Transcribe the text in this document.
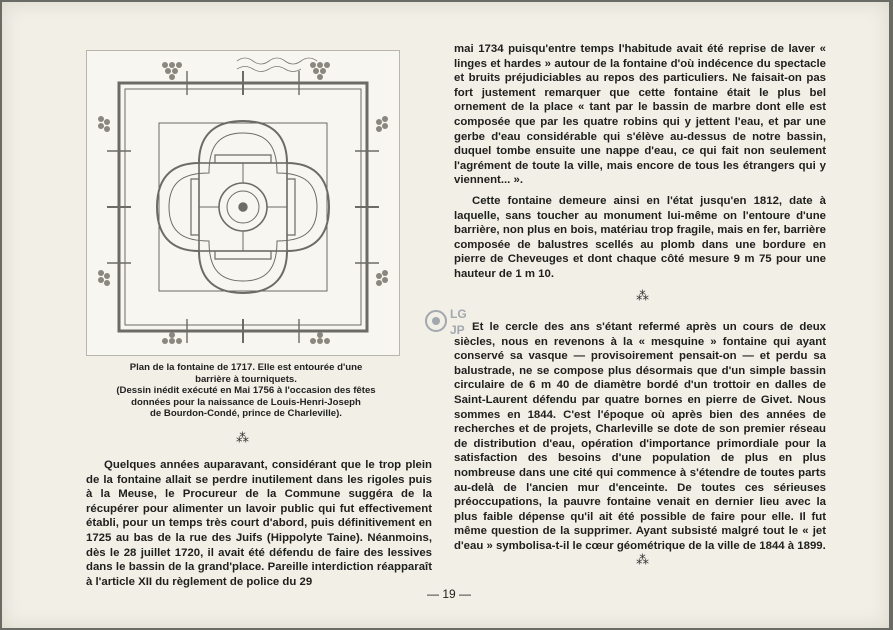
Plan de la fontaine de 1717. Elle est entourée d'une
barrière à tourniquets.
(Dessin inédit exécuté en Mai 1756 à l'occasion des fêtes
données pour la naissance de Louis-Henri-Joseph
de Bourdon-Condé, prince de Charleville).
⁂

Quelques années auparavant, considérant que le trop plein de la fontaine allait se perdre inutilement dans les rigoles puis à la Meuse, le Procureur de la Commune suggéra de la récupérer pour alimenter un lavoir public qui fut effectivement établi, pour un temps très court d'abord, puis définitivement en 1725 au bas de la rue des Juifs (Hippolyte Taine). Néanmoins, dès le 28 juillet 1720, il avait été défendu de faire des lessives dans le bassin de la grand'place. Pareille interdiction réapparaît à l'article XII du règlement de police du 29

mai 1734 puisqu'entre temps l'habitude avait été reprise de laver « linges et hardes » autour de la fontaine d'où indécence du spectacle et bruits préjudiciables au repos des particuliers. Ne faisait-on pas fort justement remarquer que cette fontaine était le plus bel ornement de la place « tant par le bassin de marbre dont elle est composée que par les quatre robins qui y jettent l'eau, et par une gerbe d'eau considérable qui s'élève au-dessus de notre bassin, duquel tombe ensuite une nappe d'eau, ce qui fait non seulement l'agrément de toute la ville, mais encore de tous les étrangers qui y viennent... ».

Cette fontaine demeure ainsi en l'état jusqu'en 1812, date à laquelle, sans toucher au monument lui-même on l'entoure d'une barrière, non plus en bois, matériau trop fragile, mais en fer, barrière composée de balustres scellés au plomb dans une bordure en pierre de Cheveuges et dont chaque côté mesure 9 m 75 pour une hauteur de 1 m 10.

⁂
LG
JP Et le cercle des ans s'étant refermé après un cours de deux siècles, nous en revenons à la « mesquine » fontaine qui ayant conservé sa vasque — provisoirement pensait-on — et perdu sa balustrade, ne se compose plus désormais que d'un simple bassin circulaire de 6 m 40 de diamètre bordé d'un trottoir en dalles de Saint-Laurent défendu par quatre bornes en pierre de Givet. Nous sommes en 1844. C'est l'époque où après bien des années de recherches et de projets, Charleville se dote de son premier réseau de distribution d'eau, opération d'importance primordiale pour la satisfaction des besoins d'une population de plus en plus nombreuse dans une cité qui commence à s'étendre de toutes parts au-delà de l'ancien mur d'enceinte. De toutes ces sérieuses préoccupations, la pauvre fontaine venait en dernier lieu avec la plus faible dépense qu'il ait été possible de faire pour elle. Il fut même question de la supprimer. Ayant subsisté malgré tout le « jet d'eau » symbolisa-t-il le cœur géométrique de la ville de 1844 à 1899.

⁂
— 19 —
